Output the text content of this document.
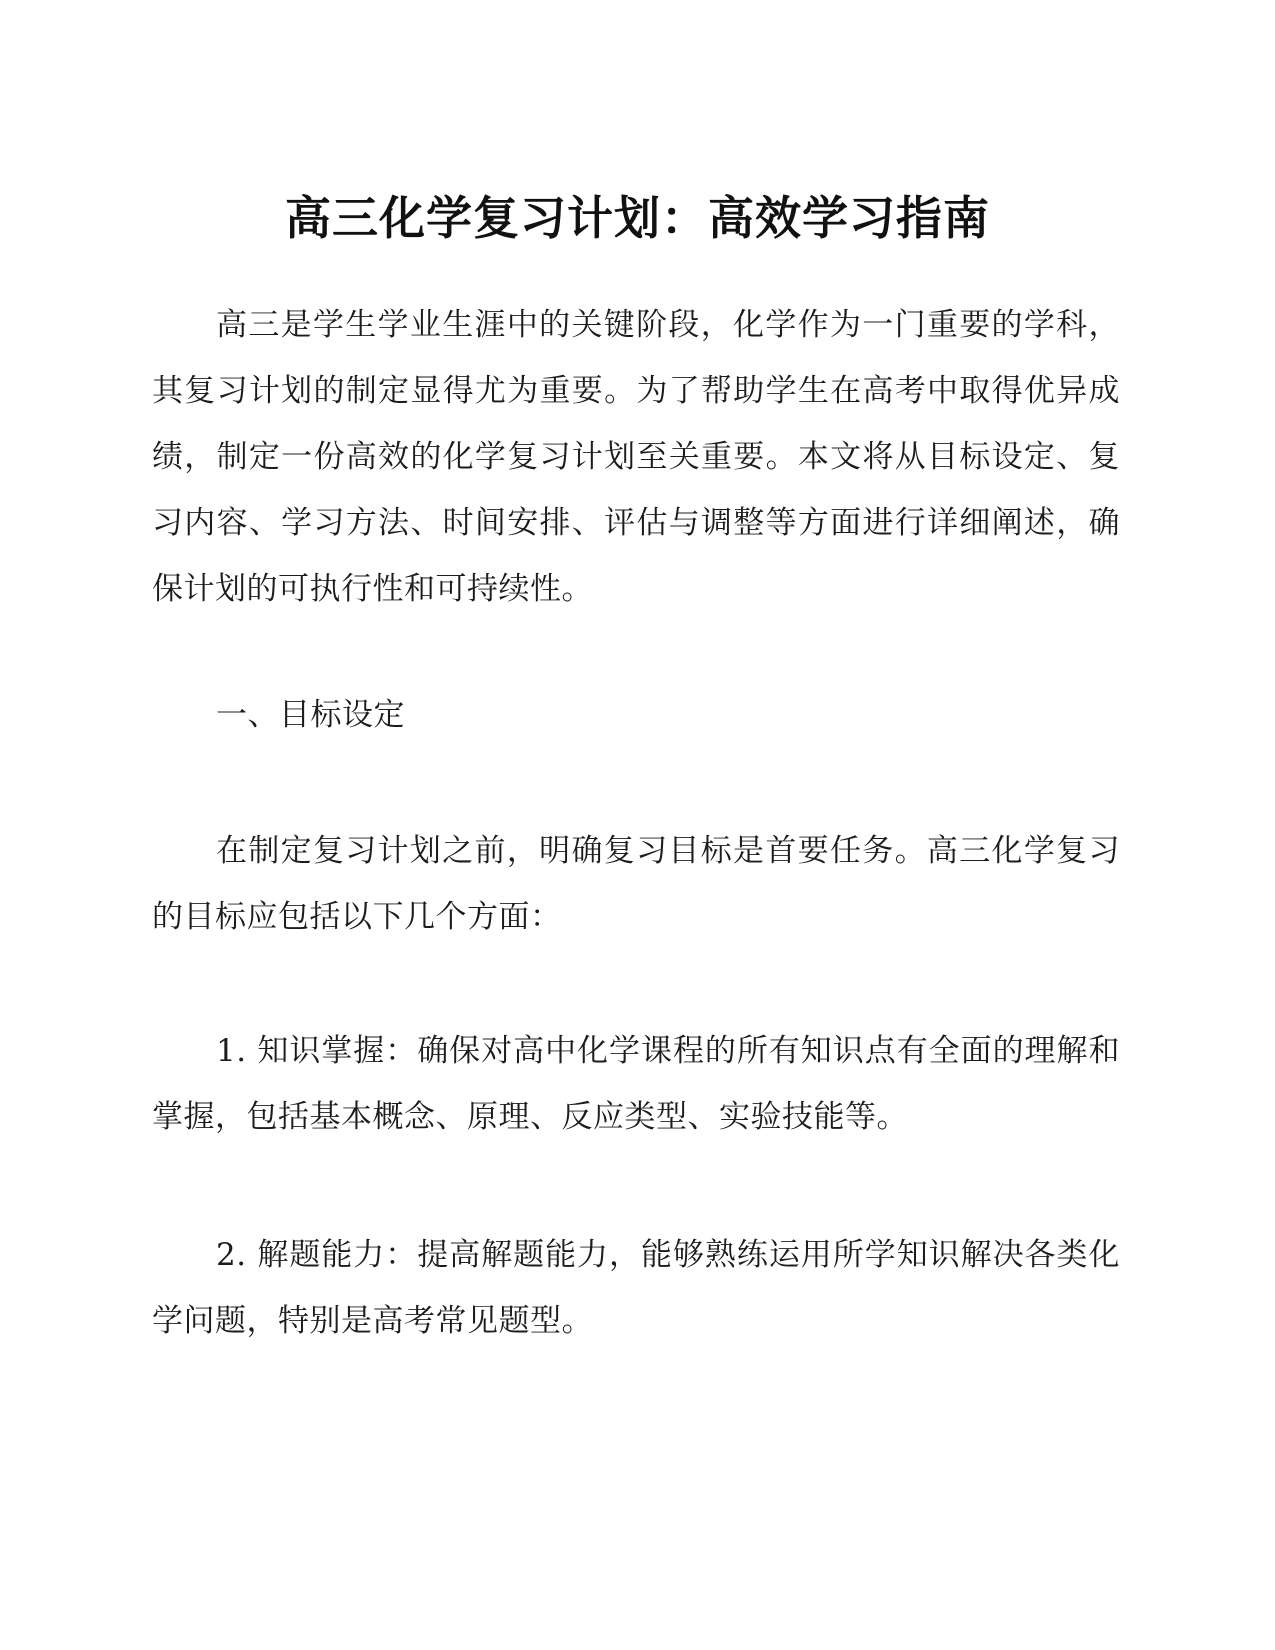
高三化学复习计划：高效学习指南

高三是学生学业生涯中的关键阶段，化学作为一门重要的学科，其复习计划的制定显得尤为重要。为了帮助学生在高考中取得优异成绩，制定一份高效的化学复习计划至关重要。本文将从目标设定、复习内容、学习方法、时间安排、评估与调整等方面进行详细阐述，确保计划的可执行性和可持续性。

一、目标设定

在制定复习计划之前，明确复习目标是首要任务。高三化学复习的目标应包括以下几个方面：

1. 知识掌握：确保对高中化学课程的所有知识点有全面的理解和掌握，包括基本概念、原理、反应类型、实验技能等。

2. 解题能力：提高解题能力，能够熟练运用所学知识解决各类化学问题，特别是高考常见题型。
